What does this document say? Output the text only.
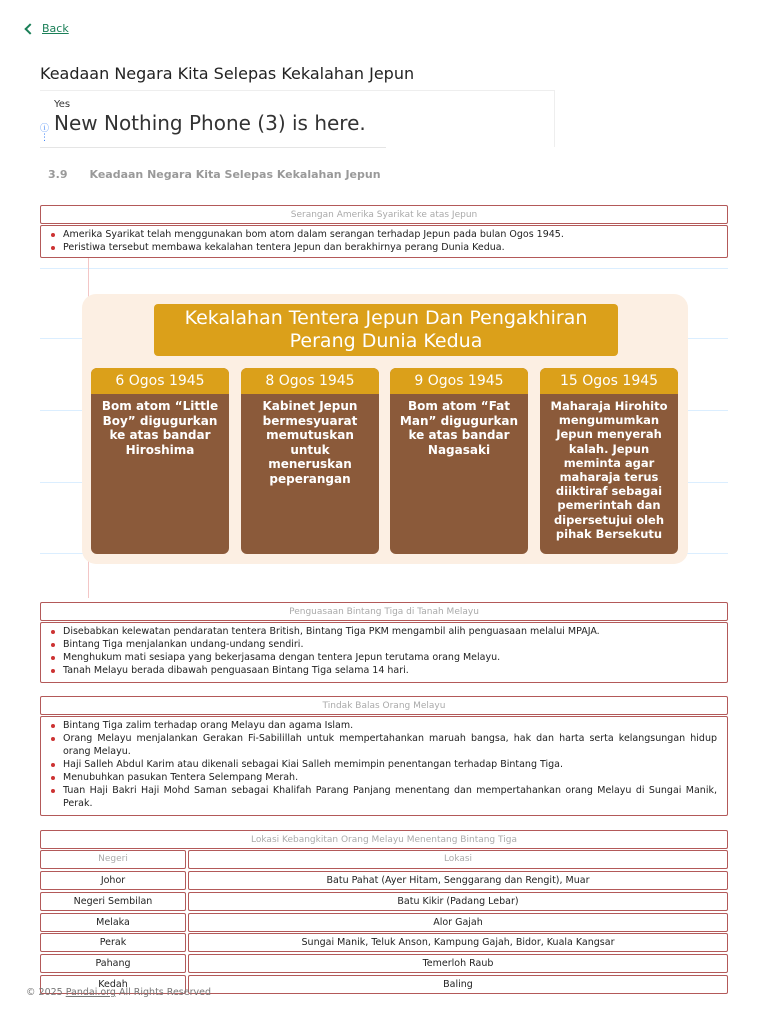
Back
Keadaan Negara Kita Selepas Kekalahan Jepun
Yes
New Nothing Phone (3) is here.
ⓘ
⋮
3.9 Keadaan Negara Kita Selepas Kekalahan Jepun
Serangan Amerika Syarikat ke atas Jepun
Amerika Syarikat telah menggunakan bom atom dalam serangan terhadap Jepun pada bulan Ogos 1945.
Peristiwa tersebut membawa kekalahan tentera Jepun dan berakhirnya perang Dunia Kedua.
Kekalahan Tentera Jepun Dan Pengakhiran
Perang Dunia Kedua
6 Ogos 1945
Bom atom “Little Boy” digugurkan ke atas bandar Hiroshima
8 Ogos 1945
Kabinet Jepun bermesyuarat memutuskan untuk meneruskan peperangan
9 Ogos 1945
Bom atom “Fat Man” digugurkan ke atas bandar Nagasaki
15 Ogos 1945
Maharaja Hirohito mengumumkan Jepun menyerah kalah. Jepun meminta agar maharaja terus diiktiraf sebagai pemerintah dan dipersetujui oleh pihak Bersekutu
Penguasaan Bintang Tiga di Tanah Melayu
Disebabkan kelewatan pendaratan tentera British, Bintang Tiga PKM mengambil alih penguasaan melalui MPAJA.
Bintang Tiga menjalankan undang-undang sendiri.
Menghukum mati sesiapa yang bekerjasama dengan tentera Jepun terutama orang Melayu.
Tanah Melayu berada dibawah penguasaan Bintang Tiga selama 14 hari.
Tindak Balas Orang Melayu
Bintang Tiga zalim terhadap orang Melayu dan agama Islam.
Orang Melayu menjalankan Gerakan Fi-Sabilillah untuk mempertahankan maruah bangsa, hak dan harta serta kelangsungan hidup orang Melayu.
Haji Salleh Abdul Karim atau dikenali sebagai Kiai Salleh memimpin penentangan terhadap Bintang Tiga.
Menubuhkan pasukan Tentera Selempang Merah.
Tuan Haji Bakri Haji Mohd Saman sebagai Khalifah Parang Panjang menentang dan mempertahankan orang Melayu di Sungai Manik, Perak.
Lokasi Kebangkitan Orang Melayu Menentang Bintang Tiga
Negeri	Lokasi
Johor	Batu Pahat (Ayer Hitam, Senggarang dan Rengit), Muar
Negeri Sembilan	Batu Kikir (Padang Lebar)
Melaka	Alor Gajah
Perak	Sungai Manik, Teluk Anson, Kampung Gajah, Bidor, Kuala Kangsar
Pahang	Temerloh Raub
Kedah	Baling
© 2025 Pandai.org All Rights Reserved
